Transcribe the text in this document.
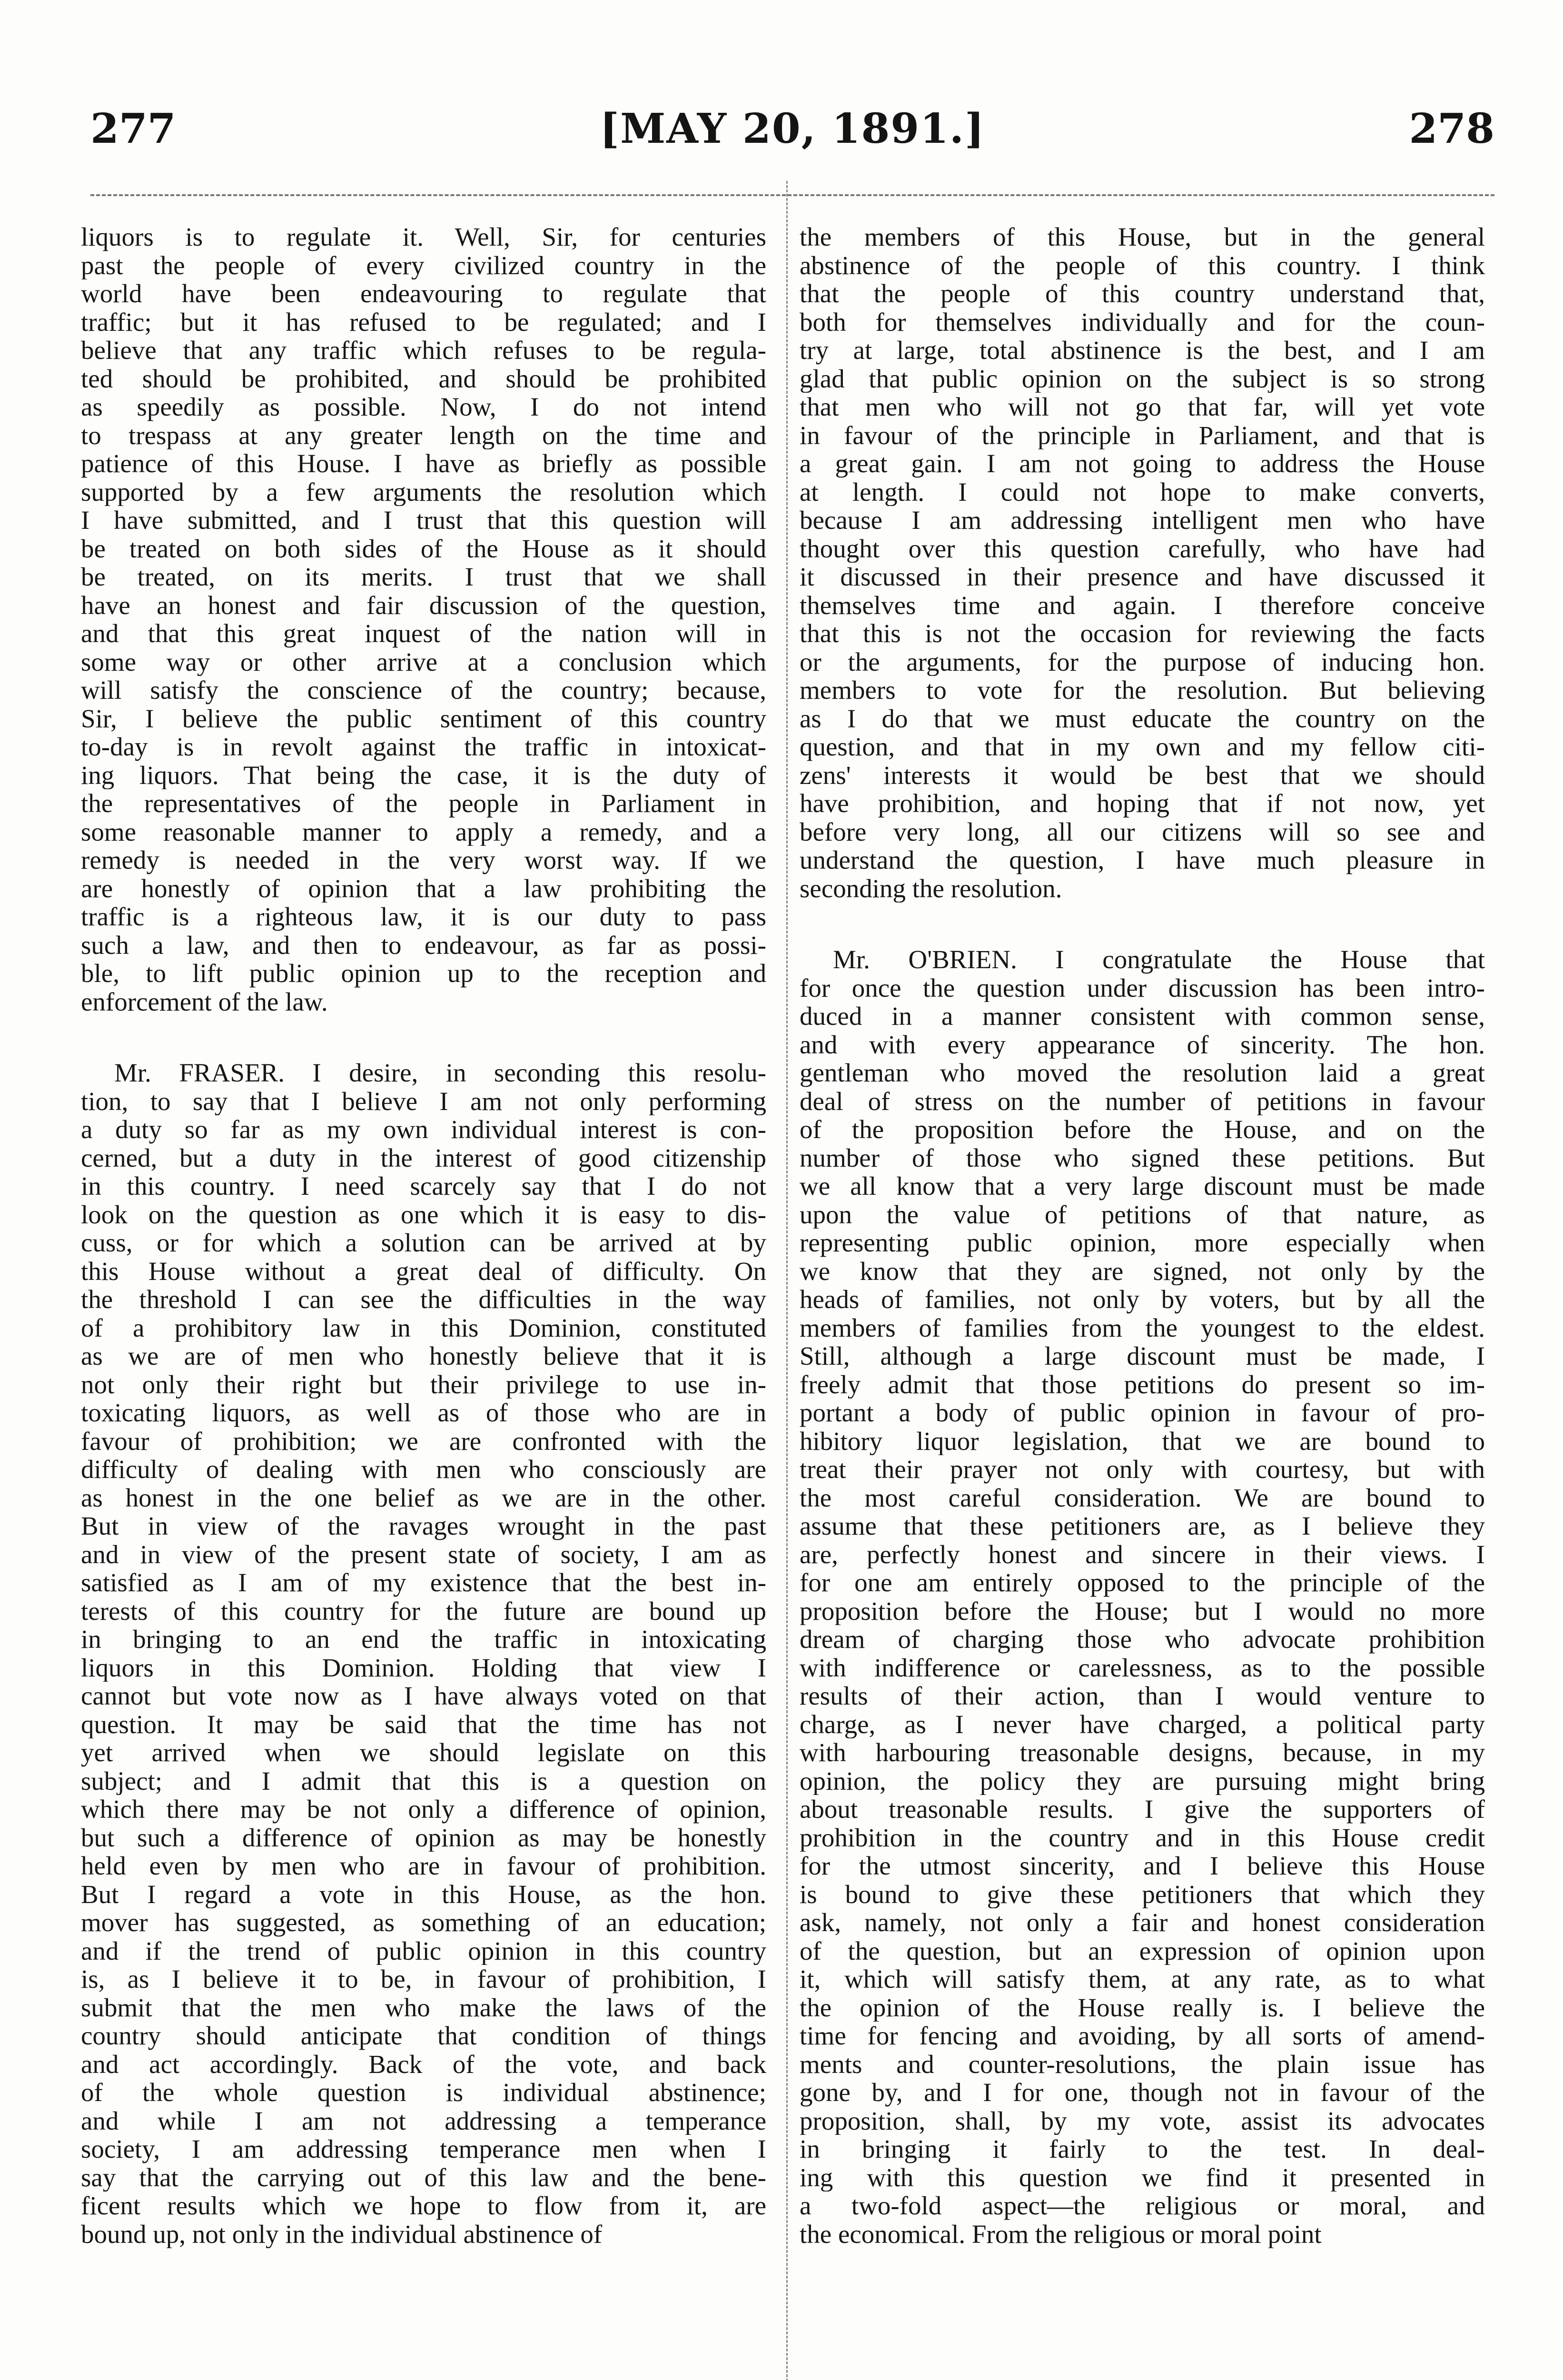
277	[MAY 20, 1891.]	278
liquors is to regulate it. Well, Sir, for centuries
past the people of every civilized country in the
world have been endeavouring to regulate that
traffic; but it has refused to be regulated; and I
believe that any traffic which refuses to be regula-
ted should be prohibited, and should be prohibited
as speedily as possible. Now, I do not intend
to trespass at any greater length on the time and
patience of this House. I have as briefly as possible
supported by a few arguments the resolution which
I have submitted, and I trust that this question will
be treated on both sides of the House as it should
be treated, on its merits. I trust that we shall
have an honest and fair discussion of the question,
and that this great inquest of the nation will in
some way or other arrive at a conclusion which
will satisfy the conscience of the country; because,
Sir, I believe the public sentiment of this country
to-day is in revolt against the traffic in intoxicat-
ing liquors. That being the case, it is the duty of
the representatives of the people in Parliament in
some reasonable manner to apply a remedy, and a
remedy is needed in the very worst way. If we
are honestly of opinion that a law prohibiting the
traffic is a righteous law, it is our duty to pass
such a law, and then to endeavour, as far as possi-
ble, to lift public opinion up to the reception and
enforcement of the law.
Mr. FRASER. I desire, in seconding this resolu-
tion, to say that I believe I am not only performing
a duty so far as my own individual interest is con-
cerned, but a duty in the interest of good citizenship
in this country. I need scarcely say that I do not
look on the question as one which it is easy to dis-
cuss, or for which a solution can be arrived at by
this House without a great deal of difficulty. On
the threshold I can see the difficulties in the way
of a prohibitory law in this Dominion, constituted
as we are of men who honestly believe that it is
not only their right but their privilege to use in-
toxicating liquors, as well as of those who are in
favour of prohibition; we are confronted with the
difficulty of dealing with men who consciously are
as honest in the one belief as we are in the other.
But in view of the ravages wrought in the past
and in view of the present state of society, I am as
satisfied as I am of my existence that the best in-
terests of this country for the future are bound up
in bringing to an end the traffic in intoxicating
liquors in this Dominion. Holding that view I
cannot but vote now as I have always voted on that
question. It may be said that the time has not
yet arrived when we should legislate on this
subject; and I admit that this is a question on
which there may be not only a difference of opinion,
but such a difference of opinion as may be honestly
held even by men who are in favour of prohibition.
But I regard a vote in this House, as the hon.
mover has suggested, as something of an education;
and if the trend of public opinion in this country
is, as I believe it to be, in favour of prohibition, I
submit that the men who make the laws of the
country should anticipate that condition of things
and act accordingly. Back of the vote, and back
of the whole question is individual abstinence;
and while I am not addressing a temperance
society, I am addressing temperance men when I
say that the carrying out of this law and the bene-
ficent results which we hope to flow from it, are
bound up, not only in the individual abstinence of
the members of this House, but in the general
abstinence of the people of this country. I think
that the people of this country understand that,
both for themselves individually and for the coun-
try at large, total abstinence is the best, and I am
glad that public opinion on the subject is so strong
that men who will not go that far, will yet vote
in favour of the principle in Parliament, and that is
a great gain. I am not going to address the House
at length. I could not hope to make converts,
because I am addressing intelligent men who have
thought over this question carefully, who have had
it discussed in their presence and have discussed it
themselves time and again. I therefore conceive
that this is not the occasion for reviewing the facts
or the arguments, for the purpose of inducing hon.
members to vote for the resolution. But believing
as I do that we must educate the country on the
question, and that in my own and my fellow citi-
zens' interests it would be best that we should
have prohibition, and hoping that if not now, yet
before very long, all our citizens will so see and
understand the question, I have much pleasure in
seconding the resolution.
Mr. O'BRIEN. I congratulate the House that
for once the question under discussion has been intro-
duced in a manner consistent with common sense,
and with every appearance of sincerity. The hon.
gentleman who moved the resolution laid a great
deal of stress on the number of petitions in favour
of the proposition before the House, and on the
number of those who signed these petitions. But
we all know that a very large discount must be made
upon the value of petitions of that nature, as
representing public opinion, more especially when
we know that they are signed, not only by the
heads of families, not only by voters, but by all the
members of families from the youngest to the eldest.
Still, although a large discount must be made, I
freely admit that those petitions do present so im-
portant a body of public opinion in favour of pro-
hibitory liquor legislation, that we are bound to
treat their prayer not only with courtesy, but with
the most careful consideration. We are bound to
assume that these petitioners are, as I believe they
are, perfectly honest and sincere in their views. I
for one am entirely opposed to the principle of the
proposition before the House; but I would no more
dream of charging those who advocate prohibition
with indifference or carelessness, as to the possible
results of their action, than I would venture to
charge, as I never have charged, a political party
with harbouring treasonable designs, because, in my
opinion, the policy they are pursuing might bring
about treasonable results. I give the supporters of
prohibition in the country and in this House credit
for the utmost sincerity, and I believe this House
is bound to give these petitioners that which they
ask, namely, not only a fair and honest consideration
of the question, but an expression of opinion upon
it, which will satisfy them, at any rate, as to what
the opinion of the House really is. I believe the
time for fencing and avoiding, by all sorts of amend-
ments and counter-resolutions, the plain issue has
gone by, and I for one, though not in favour of the
proposition, shall, by my vote, assist its advocates
in bringing it fairly to the test. In deal-
ing with this question we find it presented in
a two-fold aspect—the religious or moral, and
the economical. From the religious or moral point
